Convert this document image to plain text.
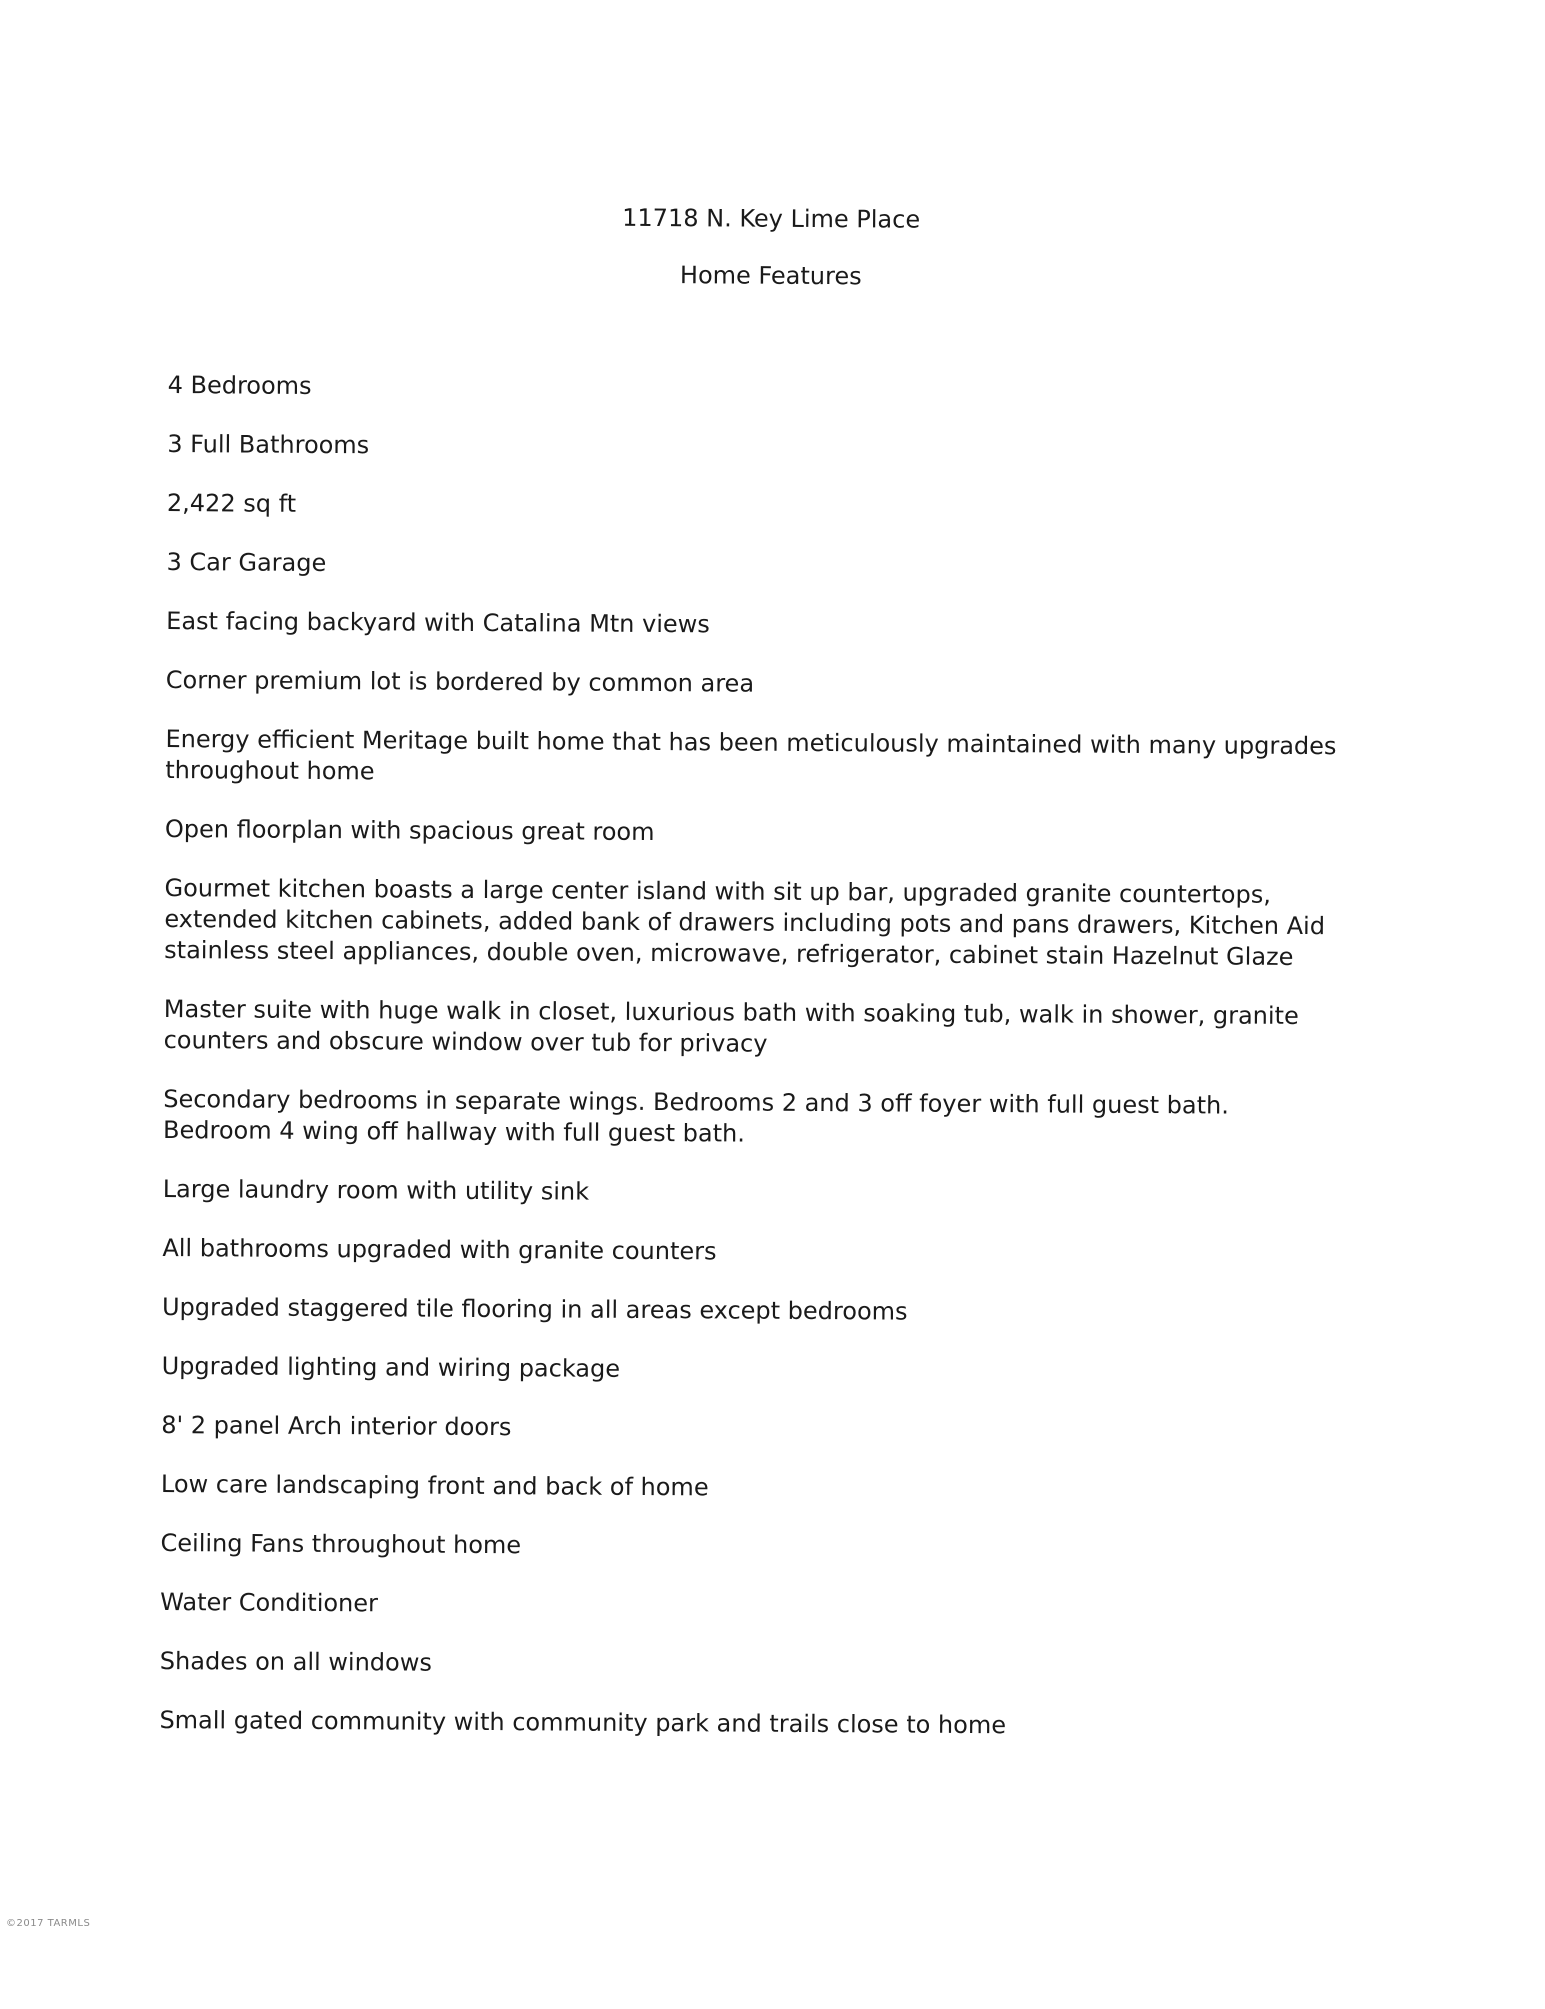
11718 N. Key Lime Place

Home Features

4 Bedrooms
3 Full Bathrooms
2,422 sq ft
3 Car Garage
East facing backyard with Catalina Mtn views
Corner premium lot is bordered by common area
Energy efficient Meritage built home that has been meticulously maintained with many upgrades throughout home
Open floorplan with spacious great room
Gourmet kitchen boasts a large center island with sit up bar, upgraded granite countertops, extended kitchen cabinets, added bank of drawers including pots and pans drawers, Kitchen Aid stainless steel appliances, double oven, microwave, refrigerator, cabinet stain Hazelnut Glaze
Master suite with huge walk in closet, luxurious bath with soaking tub, walk in shower, granite counters and obscure window over tub for privacy
Secondary bedrooms in separate wings. Bedrooms 2 and 3 off foyer with full guest bath. Bedroom 4 wing off hallway with full guest bath.
Large laundry room with utility sink
All bathrooms upgraded with granite counters
Upgraded staggered tile flooring in all areas except bedrooms
Upgraded lighting and wiring package
8' 2 panel Arch interior doors
Low care landscaping front and back of home
Ceiling Fans throughout home
Water Conditioner
Shades on all windows
Small gated community with community park and trails close to home
©2017 TARMLS
